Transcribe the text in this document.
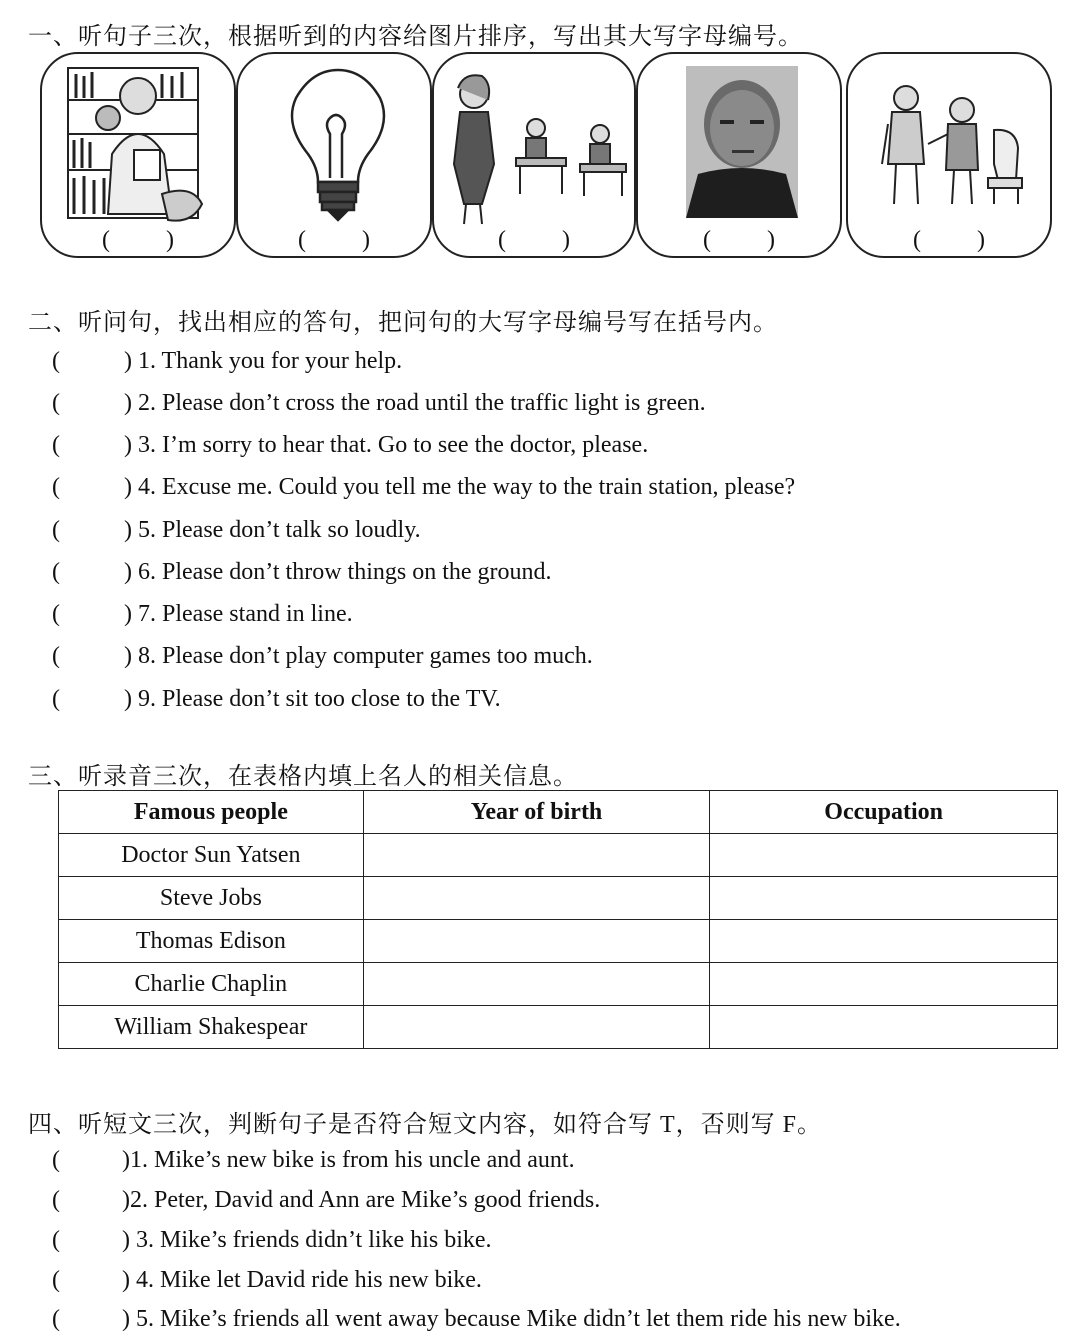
一、听句子三次，根据听到的内容给图片排序，写出其大写字母编号。
( )	( )	( )	( )	( )
二、听问句，找出相应的答句，把问句的大写字母编号写在括号内。
(	) 1. Thank you for your help.
(	) 2. Please don’t cross the road until the traffic light is green.
(	) 3. I’m sorry to hear that. Go to see the doctor, please.
(	) 4. Excuse me. Could you tell me the way to the train station, please?
(	) 5. Please don’t talk so loudly.
(	) 6. Please don’t throw things on the ground.
(	) 7. Please stand in line.
(	) 8. Please don’t play computer games too much.
(	) 9. Please don’t sit too close to the TV.
三、听录音三次，在表格内填上名人的相关信息。
Famous people	Year of birth	Occupation
Doctor Sun Yatsen		
Steve Jobs		
Thomas Edison		
Charlie Chaplin		
William Shakespear		
四、听短文三次，判断句子是否符合短文内容，如符合写 T，否则写 F。
(	)1. Mike’s new bike is from his uncle and aunt.
(	)2. Peter, David and Ann are Mike’s good friends.
(	) 3. Mike’s friends didn’t like his bike.
(	) 4. Mike let David ride his new bike.
(	) 5. Mike’s friends all went away because Mike didn’t let them ride his new bike.
